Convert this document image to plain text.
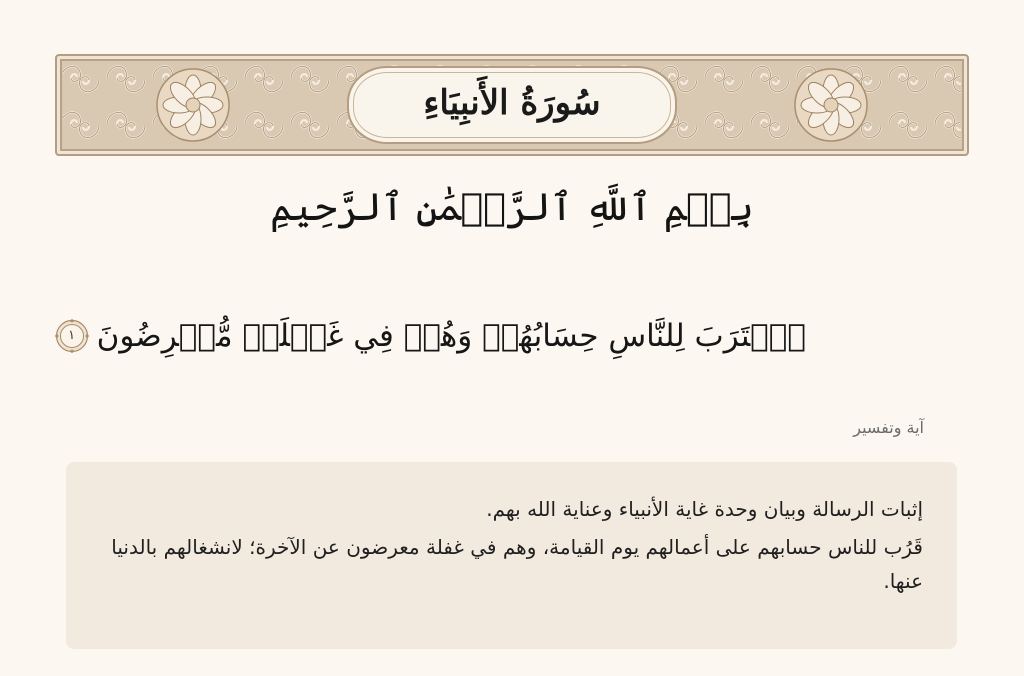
سُورَةُ الأَنبِيَاءِ
بِسۡمِ ٱللَّهِ ٱلرَّحۡمَٰنِ ٱلرَّحِيمِ
ٱقۡتَرَبَ لِلنَّاسِ حِسَابُهُمۡ وَهُمۡ فِي غَفۡلَةٖ مُّعۡرِضُونَ
١
آية وتفسير

إثبات الرسالة وبيان وحدة غاية الأنبياء وعناية الله بهم.

قَرُب للناس حسابهم على أعمالهم يوم القيامة، وهم في غفلة معرضون عن الآخرة؛ لانشغالهم بالدنيا عنها.
